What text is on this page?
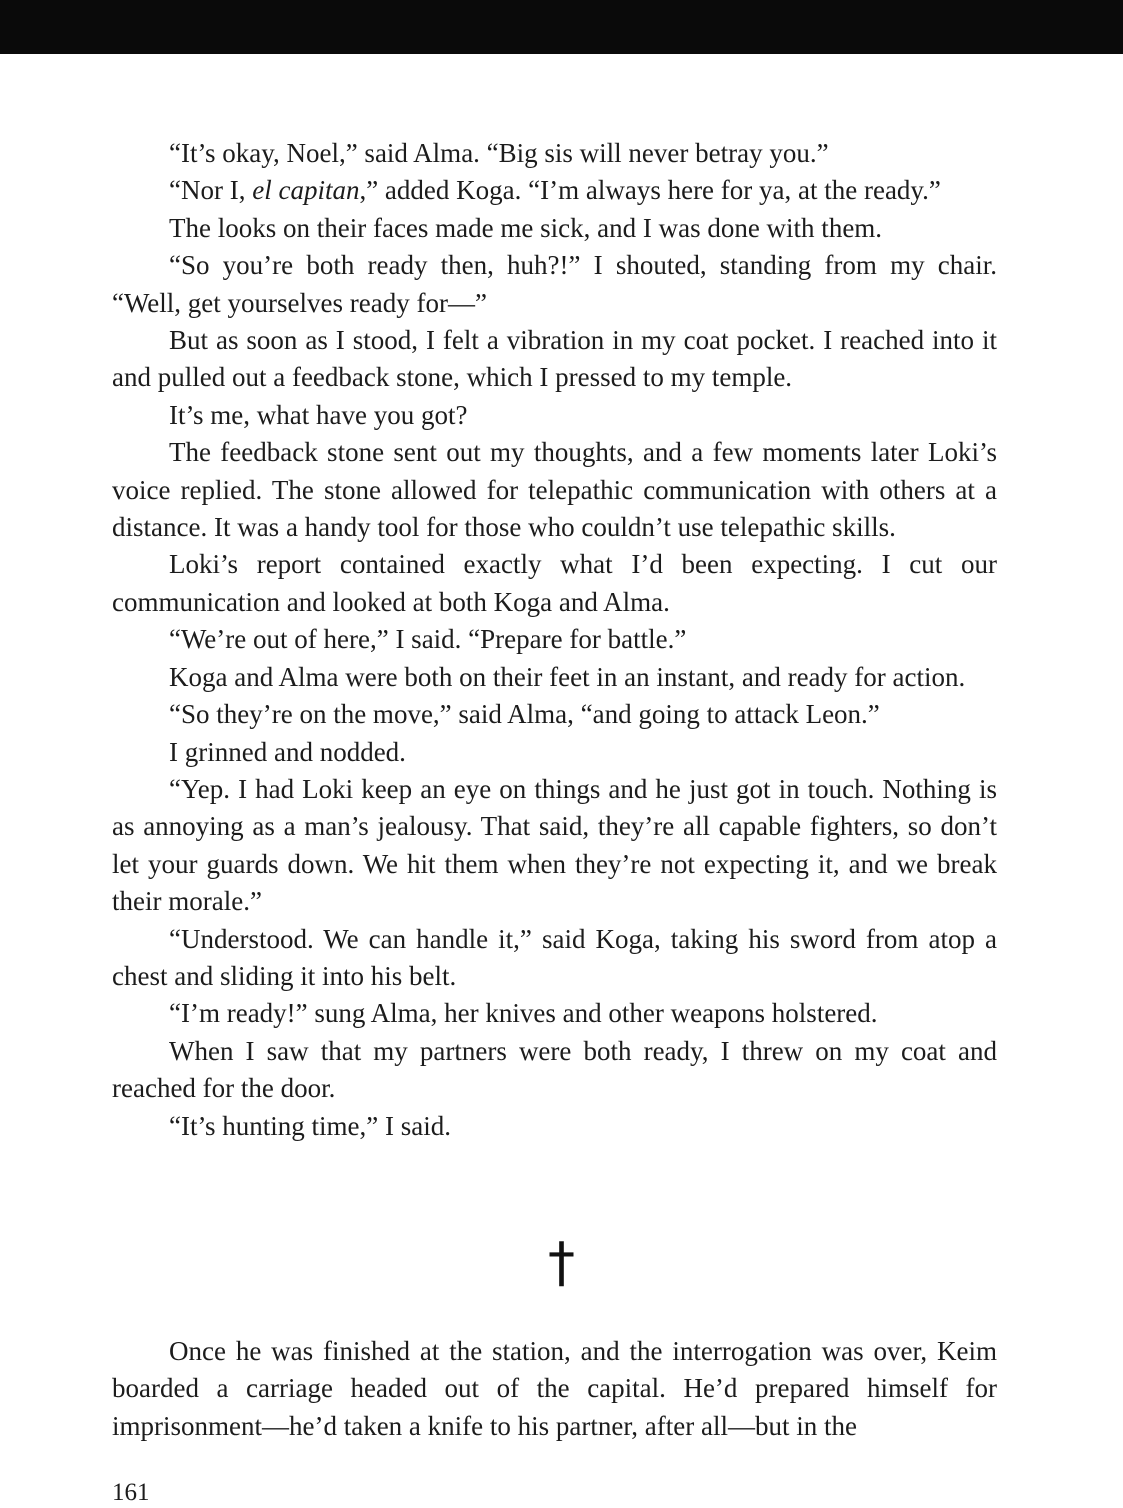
“It’s okay, Noel,” said Alma. “Big sis will never betray you.”

“Nor I, el capitan,” added Koga. “I’m always here for ya, at the ready.”

The looks on their faces made me sick, and I was done with them.

“So you’re both ready then, huh?!” I shouted, standing from my chair. “Well, get yourselves ready for—”

But as soon as I stood, I felt a vibration in my coat pocket. I reached into it and pulled out a feedback stone, which I pressed to my temple.

It’s me, what have you got?

The feedback stone sent out my thoughts, and a few moments later Loki’s voice replied. The stone allowed for telepathic communication with others at a distance. It was a handy tool for those who couldn’t use telepathic skills.

Loki’s report contained exactly what I’d been expecting. I cut our communication and looked at both Koga and Alma.

“We’re out of here,” I said. “Prepare for battle.”

Koga and Alma were both on their feet in an instant, and ready for action.

“So they’re on the move,” said Alma, “and going to attack Leon.”

I grinned and nodded.

“Yep. I had Loki keep an eye on things and he just got in touch. Nothing is as annoying as a man’s jealousy. That said, they’re all capable fighters, so don’t let your guards down. We hit them when they’re not expecting it, and we break their morale.”

“Understood. We can handle it,” said Koga, taking his sword from atop a chest and sliding it into his belt.

“I’m ready!” sung Alma, her knives and other weapons holstered.

When I saw that my partners were both ready, I threw on my coat and reached for the door.

“It’s hunting time,” I said.

†

Once he was finished at the station, and the interrogation was over, Keim boarded a carriage headed out of the capital. He’d prepared himself for imprisonment—he’d taken a knife to his partner, after all—but in the

161
